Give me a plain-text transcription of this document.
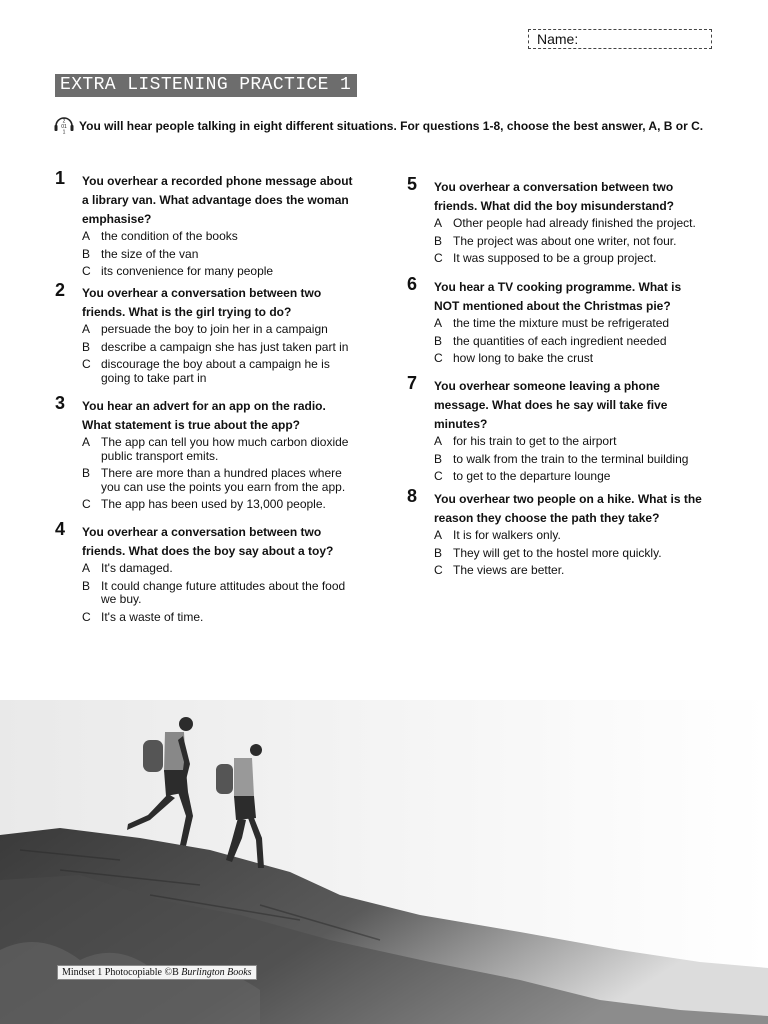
Name:
EXTRA LISTENING PRACTICE 1
2
01
1	You will hear people talking in eight different situations. For questions 1-8, choose the best answer, A, B or C.
1 You overhear a recorded phone message about a library van. What advantage does the woman emphasise?
A the condition of the books
B the size of the van
C its convenience for many people
2 You overhear a conversation between two friends. What is the girl trying to do?
A persuade the boy to join her in a campaign
B describe a campaign she has just taken part in
C discourage the boy about a campaign he is going to take part in
3 You hear an advert for an app on the radio. What statement is true about the app?
A The app can tell you how much carbon dioxide public transport emits.
B There are more than a hundred places where you can use the points you earn from the app.
C The app has been used by 13,000 people.
4 You overhear a conversation between two friends. What does the boy say about a toy?
A It's damaged.
B It could change future attitudes about the food we buy.
C It's a waste of time.
5 You overhear a conversation between two friends. What did the boy misunderstand?
A Other people had already finished the project.
B The project was about one writer, not four.
C It was supposed to be a group project.
6 You hear a TV cooking programme. What is NOT mentioned about the Christmas pie?
A the time the mixture must be refrigerated
B the quantities of each ingredient needed
C how long to bake the crust
7 You overhear someone leaving a phone message. What does he say will take five minutes?
A for his train to get to the airport
B to walk from the train to the terminal building
C to get to the departure lounge
8 You overhear two people on a hike. What is the reason they choose the path they take?
A It is for walkers only.
B They will get to the hostel more quickly.
C The views are better.
Mindset 1 Photocopiable ©B Burlington Books
